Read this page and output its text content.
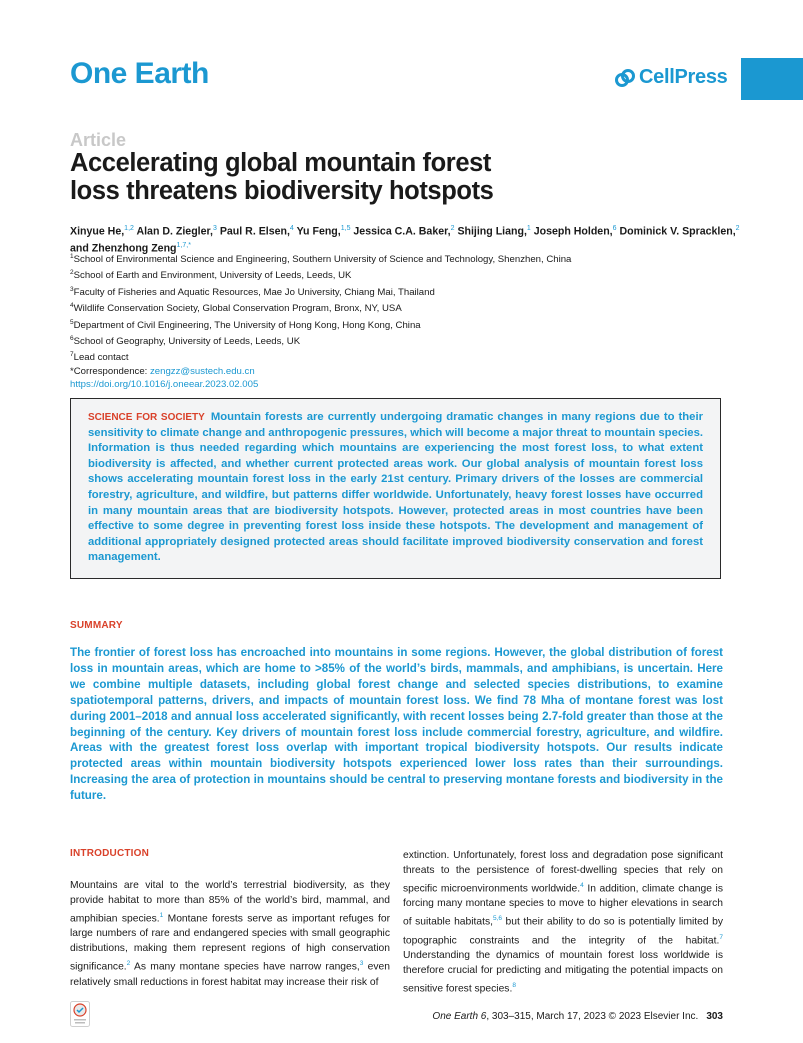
One Earth	CellPress
Article
Accelerating global mountain forest
loss threatens biodiversity hotspots
Xinyue He,$^{1,2}$ Alan D. Ziegler,$^3$ Paul R. Elsen,$^4$ Yu Feng,$^{1,5}$ Jessica C.A. Baker,$^2$ Shijing Liang,$^1$ Joseph Holden,$^6$ Dominick V. Spracklen,$^2$ and Zhenzhong Zeng$^{1,7,*}$
$^1$School of Environmental Science and Engineering, Southern University of Science and Technology, Shenzhen, China
$^2$School of Earth and Environment, University of Leeds, Leeds, UK
$^3$Faculty of Fisheries and Aquatic Resources, Mae Jo University, Chiang Mai, Thailand
$^4$Wildlife Conservation Society, Global Conservation Program, Bronx, NY, USA
$^5$Department of Civil Engineering, The University of Hong Kong, Hong Kong, China
$^6$School of Geography, University of Leeds, Leeds, UK
$^7$Lead contact
*Correspondence: zengzz@sustech.edu.cn
https://doi.org/10.1016/j.oneear.2023.02.005
SCIENCE FOR SOCIETY Mountain forests are currently undergoing dramatic changes in many regions due to their sensitivity to climate change and anthropogenic pressures, which will become a major threat to mountain species. Information is thus needed regarding which mountains are experiencing the most forest loss, to what extent biodiversity is affected, and whether current protected areas work. Our global analysis of mountain forest loss shows accelerating mountain forest loss in the early 21st century. Primary drivers of the losses are commercial forestry, agriculture, and wildfire, but patterns differ worldwide. Unfortunately, heavy forest losses have occurred in many mountain areas that are biodiversity hotspots. However, protected areas in most countries have been effective to some degree in preventing forest loss inside these hotspots. The development and management of additional appropriately designed protected areas should facilitate improved biodiversity conservation and forest management.
SUMMARY
The frontier of forest loss has encroached into mountains in some regions. However, the global distribution of forest loss in mountain areas, which are home to >85% of the world’s birds, mammals, and amphibians, is uncertain. Here we combine multiple datasets, including global forest change and selected species distributions, to examine spatiotemporal patterns, drivers, and impacts of mountain forest loss. We find 78 Mha of montane forest was lost during 2001–2018 and annual loss accelerated significantly, with recent losses being 2.7-fold greater than those at the beginning of the century. Key drivers of mountain forest loss include commercial forestry, agriculture, and wildfire. Areas with the greatest forest loss overlap with important tropical biodiversity hotspots. Our results indicate protected areas within mountain biodiversity hotspots experienced lower loss rates than their surroundings. Increasing the area of protection in mountains should be central to preserving montane forests and biodiversity in the future.
INTRODUCTION
Mountains are vital to the world’s terrestrial biodiversity, as they provide habitat to more than 85% of the world’s bird, mammal, and amphibian species.$^1$ Montane forests serve as important refuges for large numbers of rare and endangered species with small geographic distributions, making them represent regions of high conservation significance.$^2$ As many montane species have narrow ranges,$^3$ even relatively small reductions in forest habitat may increase their risk of
extinction. Unfortunately, forest loss and degradation pose significant threats to the persistence of forest-dwelling species that rely on specific microenvironments worldwide.$^4$ In addition, climate change is forcing many montane species to move to higher elevations in search of suitable habitats,$^{5,6}$ but their ability to do so is potentially limited by topographic constraints and the integrity of the habitat.$^7$ Understanding the dynamics of mountain forest loss worldwide is therefore crucial for predicting and mitigating the potential impacts on sensitive forest species.$^8$
One Earth 6, 303–315, March 17, 2023 © 2023 Elsevier Inc. 303
